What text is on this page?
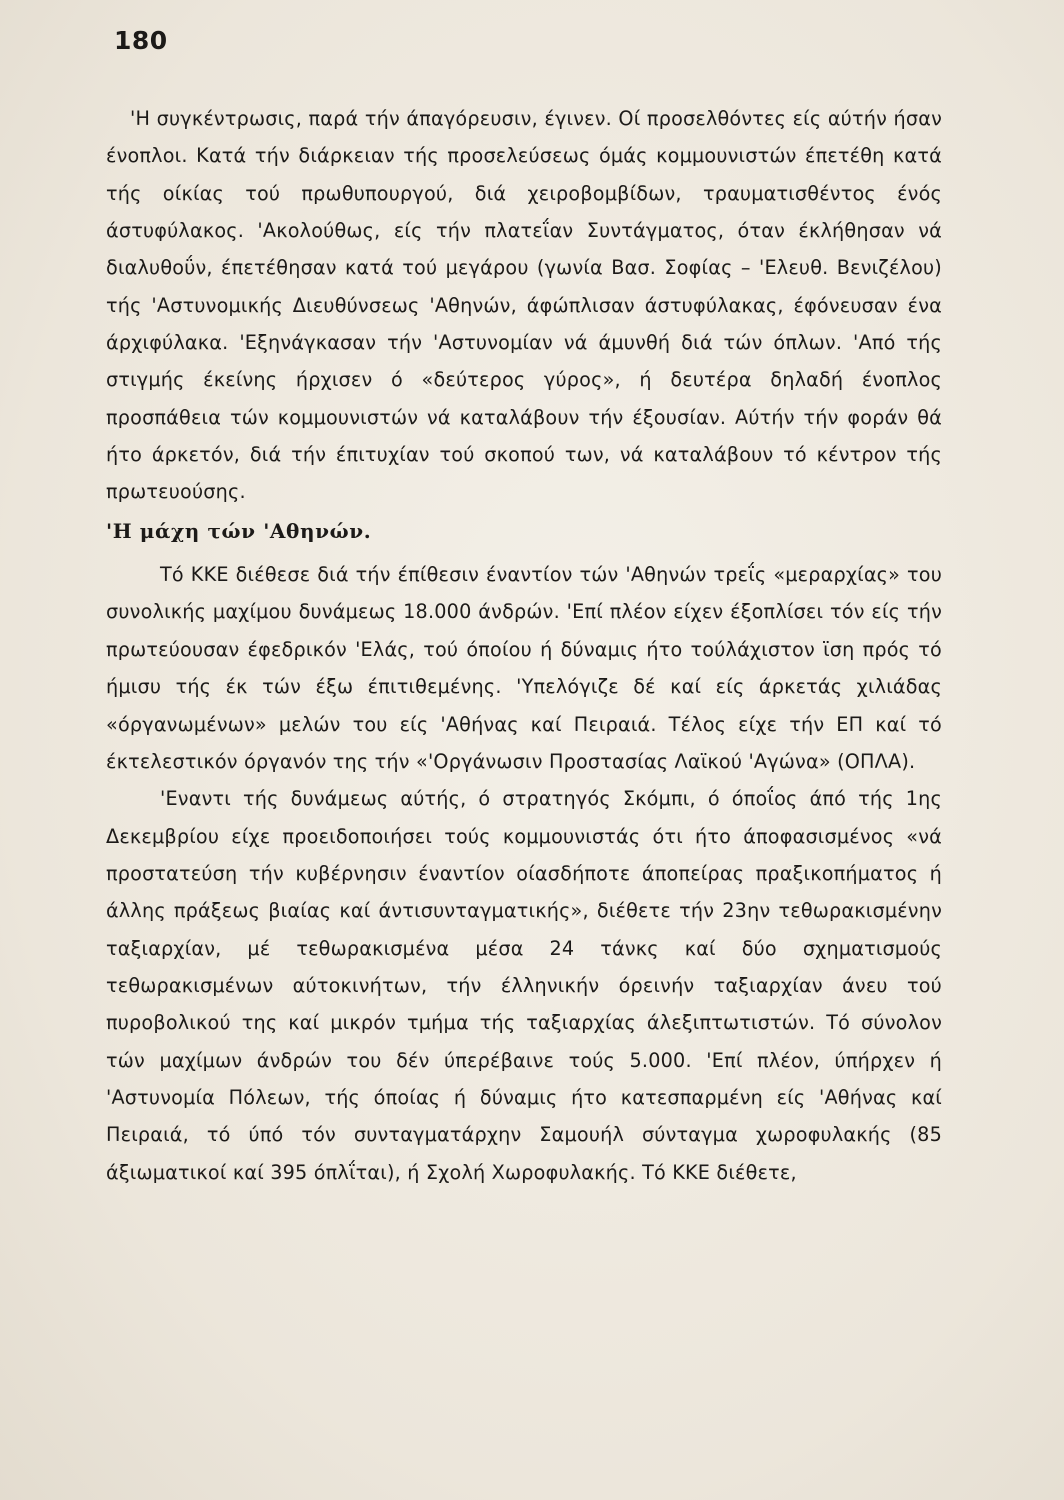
180

'Η συγκέντρωσις, παρά τήν άπαγόρευσιν, έγινεν. Οί προσελθόντες είς αύτήν ήσαν ένοπλοι. Κατά τήν διάρκειαν τής προσελεύσεως όμάς κομμουνιστών έπετέθη κατά τής οίκίας τού πρωθυπουργού, διά χειροβομβίδων, τραυματισθέντος ένός άστυφύλακος. 'Ακολούθως, είς τήν πλατεΐαν Συντάγματος, όταν έκλήθησαν νά διαλυθοΰν, έπετέθησαν κατά τού μεγάρου (γωνία Βασ. Σοφίας – 'Ελευθ. Βενιζέλου) τής 'Αστυνομικής Διευθύνσεως 'Αθηνών, άφώπλισαν άστυφύλακας, έφόνευσαν ένα άρχιφύλακα. 'Εξηνάγκασαν τήν 'Αστυνομίαν νά άμυνθή διά τών όπλων. 'Από τής στιγμής έκείνης ήρχισεν ό «δεύτερος γύρος», ή δευτέρα δηλαδή ένοπλος προσπάθεια τών κομμουνιστών νά καταλάβουν τήν έξουσίαν. Αύτήν τήν φοράν θά ήτο άρκετόν, διά τήν έπιτυχίαν τού σκοπού των, νά καταλάβουν τό κέντρον τής πρωτευούσης.

'Η μάχη τών 'Αθηνών.

Τό ΚΚΕ διέθεσε διά τήν έπίθεσιν έναντίον τών 'Αθηνών τρεΐς «μεραρχίας» του συνολικής μαχίμου δυνάμεως 18.000 άνδρών. 'Επί πλέον είχεν έξοπλίσει τόν είς τήν πρωτεύουσαν έφεδρικόν 'Ελάς, τού όποίου ή δύναμις ήτο τούλάχιστον ϊση πρός τό ήμισυ τής έκ τών έξω έπιτιθεμένης. 'Υπελόγιζε δέ καί είς άρκετάς χιλιάδας «όργανωμένων» μελών του είς 'Αθήνας καί Πειραιά. Τέλος είχε τήν ΕΠ καί τό έκτελεστικόν όργανόν της τήν «'Οργάνωσιν Προστασίας Λαϊκού 'Αγώνα» (ΟΠΛΑ).

'Εναντι τής δυνάμεως αύτής, ό στρατηγός Σκόμπι, ό όποΐος άπό τής 1ης Δεκεμβρίου είχε προειδοποιήσει τούς κομμουνιστάς ότι ήτο άποφασισμένος «νά προστατεύση τήν κυβέρνησιν έναντίον οίασδήποτε άποπείρας πραξικοπήματος ή άλλης πράξεως βιαίας καί άντισυνταγματικής», διέθετε τήν 23ην τεθωρακισμένην ταξιαρχίαν, μέ τεθωρακισμένα μέσα 24 τάνκς καί δύο σχηματισμούς τεθωρακισμένων αύτοκινήτων, τήν έλληνικήν όρεινήν ταξιαρχίαν άνευ τού πυροβολικού της καί μικρόν τμήμα τής ταξιαρχίας άλεξιπτωτιστών. Τό σύνολον τών μαχίμων άνδρών του δέν ύπερέβαινε τούς 5.000. 'Επί πλέον, ύπήρχεν ή 'Αστυνομία Πόλεων, τής όποίας ή δύναμις ήτο κατεσπαρμένη είς 'Αθήνας καί Πειραιά, τό ύπό τόν συνταγματάρχην Σαμουήλ σύνταγμα χωροφυλακής (85 άξιωματικοί καί 395 όπλΐται), ή Σχολή Χωροφυλακής. Τό ΚΚΕ διέθετε,
